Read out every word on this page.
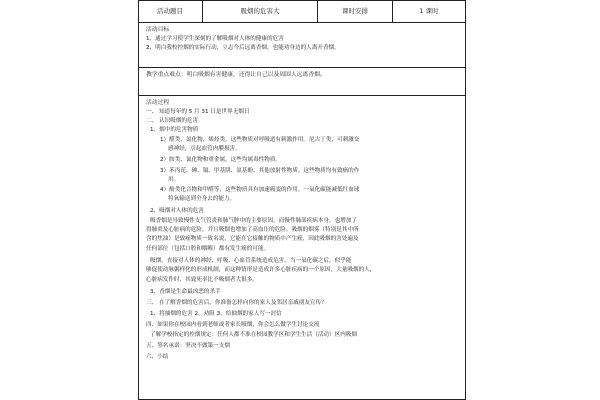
活动题目	吸烟的危害大	课时安排	1 课时
活动目标
1、通过学习使学生深刻的了解吸烟对人体的健康的危害
2、明白我校控烟的实际行动，立志今后远离香烟，也能劝身边的人离开香烟。
教学重点难点：明白吸烟有害健康，还得让自己以及周围人远离香烟。
活动过程
一、 知道每年的 5 月 31 日是世界无烟日
二、 认识吸烟的危害
1、烟中的危害物质
1）醛类、氮化物、烯烃类，这些物质对呼吸道有刺激作用。尼古丁类，可刺激交
感神经，引起血管内膜损害。
2）胺类、氰化物和重金属，这些均属毒性物质。
3）苯丙芘、砷、镉、甲基肼、氨基酚、其他放射性物质。这些物质均有致癌的作
用。
4）酚类化合物和甲醛等，这些物质具有加速癌变的作用。一氧化碳能减低红血球
将氧输送到全身去的能力。
2、吸烟对人体的危害
吸香烟是导致慢性支气管炎和肺气肿中的主要原因，而慢性肺部疾病本身，也增加了
得肺炎及心脏病的危险，并且吸烟也增加了高血压的危险。吸烟的烟雾（特别是其中所
含的焦油）是致癌物质一致名说，它能在它接触的物质中产生癌，因此吸烟的害处遍及
任何部位（包括口腔和咽喉）都有发生癌的可能。
吸烟，直接对人体的神经、呼吸、心血管系统造成危害，当一氧化碳之后，似乎能
够促使动脉粥样化的形成机制，而这种情形是造成许多心脏疾病的一个原因，大量吸烟的人，
心脏病发作时，其致死率比不吸烟者大很多。
3、香烟是生命最凶恶的杀手
三、 在了解香烟的危害后，你准备怎样向你的家人及邻居亲戚朋友宣传？
1、将抽烟的危害 2、劝阻 3、给抽烟的家人写一封信
四、如果你在校园内看到老师或者家长吸烟，你会怎么做学生讨论交流
了解学校指定的控烟规定：任何人都不准在校园教学区和学生生活（活动）区内吸烟
五、签名承诺：坚决不做第一支烟
六、小结
